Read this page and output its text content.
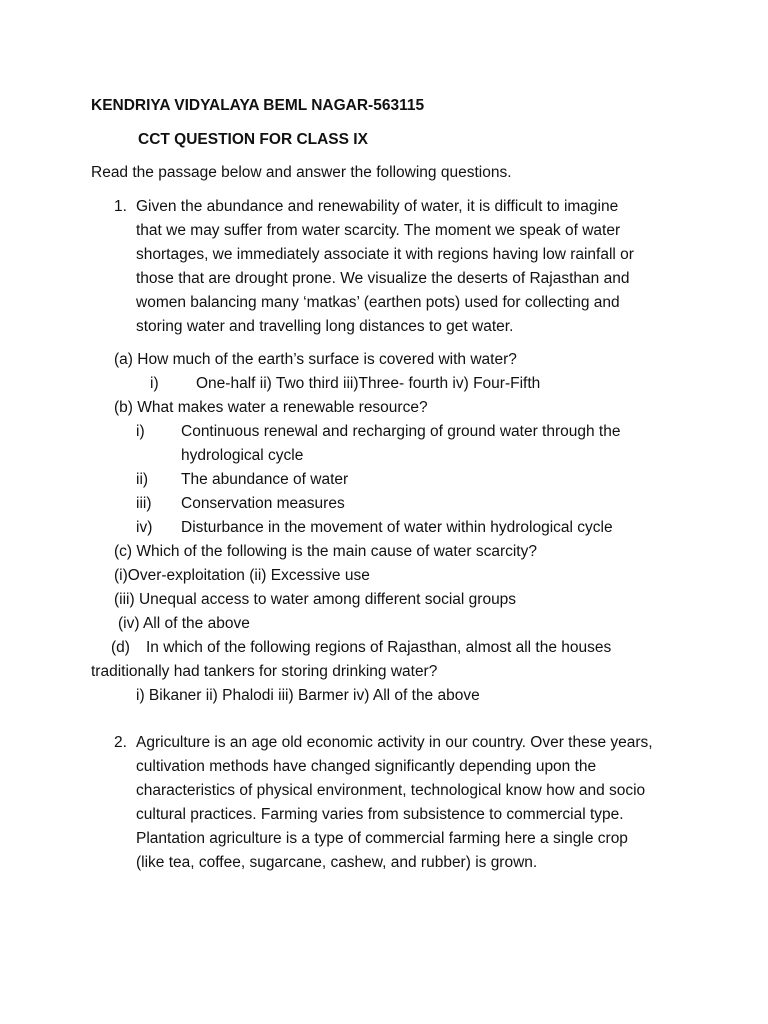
KENDRIYA VIDYALAYA BEML NAGAR-563115
CCT QUESTION FOR CLASS IX
Read the passage below and answer the following questions.
1. Given the abundance and renewability of water, it is difficult to imagine
that we may suffer from water scarcity. The moment we speak of water
shortages, we immediately associate it with regions having low rainfall or
those that are drought prone. We visualize the deserts of Rajasthan and
women balancing many ‘matkas’ (earthen pots) used for collecting and
storing water and travelling long distances to get water.
(a) How much of the earth’s surface is covered with water?
i) One-half ii) Two third iii)Three- fourth iv) Four-Fifth
(b) What makes water a renewable resource?
i) Continuous renewal and recharging of ground water through the
hydrological cycle
ii) The abundance of water
iii) Conservation measures
iv) Disturbance in the movement of water within hydrological cycle
(c) Which of the following is the main cause of water scarcity?
(i)Over-exploitation (ii) Excessive use
(iii) Unequal access to water among different social groups
(iv) All of the above
(d) In which of the following regions of Rajasthan, almost all the houses
traditionally had tankers for storing drinking water?
i) Bikaner ii) Phalodi iii) Barmer iv) All of the above
2. Agriculture is an age old economic activity in our country. Over these years,
cultivation methods have changed significantly depending upon the
characteristics of physical environment, technological know how and socio
cultural practices. Farming varies from subsistence to commercial type.
Plantation agriculture is a type of commercial farming here a single crop
(like tea, coffee, sugarcane, cashew, and rubber) is grown.
